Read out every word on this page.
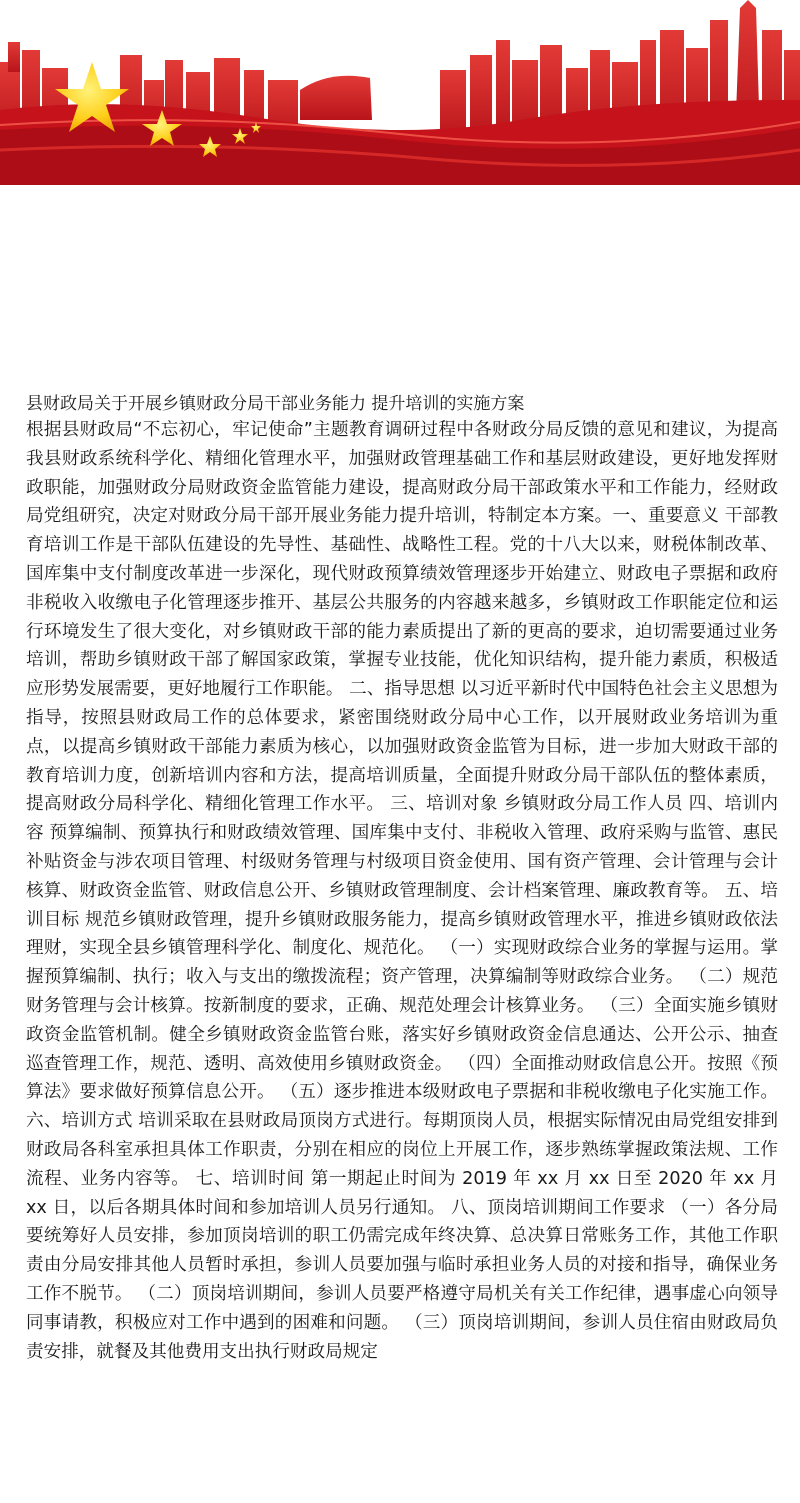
县财政局关于开展乡镇财政分局干部业务能力 提升培训的实施方案

根据县财政局“不忘初心，牢记使命”主题教育调研过程中各财政分局反馈的意见和建议，为提高我县财政系统科学化、精细化管理水平，加强财政管理基础工作和基层财政建设，更好地发挥财政职能，加强财政分局财政资金监管能力建设，提高财政分局干部政策水平和工作能力，经财政局党组研究，决定对财政分局干部开展业务能力提升培训，特制定本方案。一、重要意义 干部教育培训工作是干部队伍建设的先导性、基础性、战略性工程。党的十八大以来，财税体制改革、国库集中支付制度改革进一步深化，现代财政预算绩效管理逐步开始建立、财政电子票据和政府非税收入收缴电子化管理逐步推开、基层公共服务的内容越来越多，乡镇财政工作职能定位和运行环境发生了很大变化，对乡镇财政干部的能力素质提出了新的更高的要求，迫切需要通过业务培训，帮助乡镇财政干部了解国家政策，掌握专业技能，优化知识结构，提升能力素质，积极适应形势发展需要，更好地履行工作职能。 二、指导思想 以习近平新时代中国特色社会主义思想为指导，按照县财政局工作的总体要求，紧密围绕财政分局中心工作，以开展财政业务培训为重点，以提高乡镇财政干部能力素质为核心，以加强财政资金监管为目标，进一步加大财政干部的教育培训力度，创新培训内容和方法，提高培训质量，全面提升财政分局干部队伍的整体素质，提高财政分局科学化、精细化管理工作水平。 三、培训对象 乡镇财政分局工作人员 四、培训内容 预算编制、预算执行和财政绩效管理、国库集中支付、非税收入管理、政府采购与监管、惠民补贴资金与涉农项目管理、村级财务管理与村级项目资金使用、国有资产管理、会计管理与会计核算、财政资金监管、财政信息公开、乡镇财政管理制度、会计档案管理、廉政教育等。 五、培训目标 规范乡镇财政管理，提升乡镇财政服务能力，提高乡镇财政管理水平，推进乡镇财政依法理财，实现全县乡镇管理科学化、制度化、规范化。 （一）实现财政综合业务的掌握与运用。掌握预算编制、执行；收入与支出的缴拨流程；资产管理，决算编制等财政综合业务。 （二）规范财务管理与会计核算。按新制度的要求，正确、规范处理会计核算业务。 （三）全面实施乡镇财政资金监管机制。健全乡镇财政资金监管台账，落实好乡镇财政资金信息通达、公开公示、抽查巡查管理工作，规范、透明、高效使用乡镇财政资金。 （四）全面推动财政信息公开。按照《预算法》要求做好预算信息公开。 （五）逐步推进本级财政电子票据和非税收缴电子化实施工作。 六、培训方式 培训采取在县财政局顶岗方式进行。每期顶岗人员，根据实际情况由局党组安排到财政局各科室承担具体工作职责，分别在相应的岗位上开展工作，逐步熟练掌握政策法规、工作流程、业务内容等。 七、培训时间 第一期起止时间为 2019 年 xx 月 xx 日至 2020 年 xx 月 xx 日，以后各期具体时间和参加培训人员另行通知。 八、顶岗培训期间工作要求 （一）各分局要统筹好人员安排，参加顶岗培训的职工仍需完成年终决算、总决算日常账务工作，其他工作职责由分局安排其他人员暂时承担，参训人员要加强与临时承担业务人员的对接和指导，确保业务工作不脱节。 （二）顶岗培训期间，参训人员要严格遵守局机关有关工作纪律，遇事虚心向领导同事请教，积极应对工作中遇到的困难和问题。 （三）顶岗培训期间，参训人员住宿由财政局负责安排，就餐及其他费用支出执行财政局规定
